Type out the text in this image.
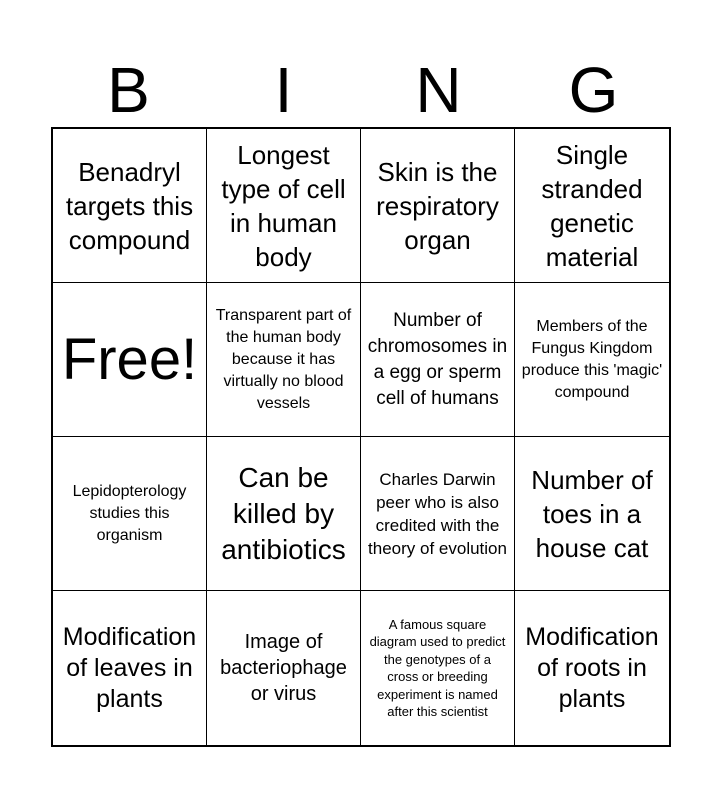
B	I	N	G
Benadryl targets this compound
Longest type of cell in human body
Skin is the respiratory organ
Single stranded genetic material
Free!
Transparent part of the human body because it has virtually no blood vessels
Number of chromosomes in a egg or sperm cell of humans
Members of the Fungus Kingdom produce this 'magic' compound
Lepidopterology studies this organism
Can be killed by antibiotics
Charles Darwin peer who is also credited with the theory of evolution
Number of toes in a house cat
Modification of leaves in plants
Image of bacteriophage or virus
A famous square diagram used to predict the genotypes of a cross or breeding experiment is named after this scientist
Modification of roots in plants
